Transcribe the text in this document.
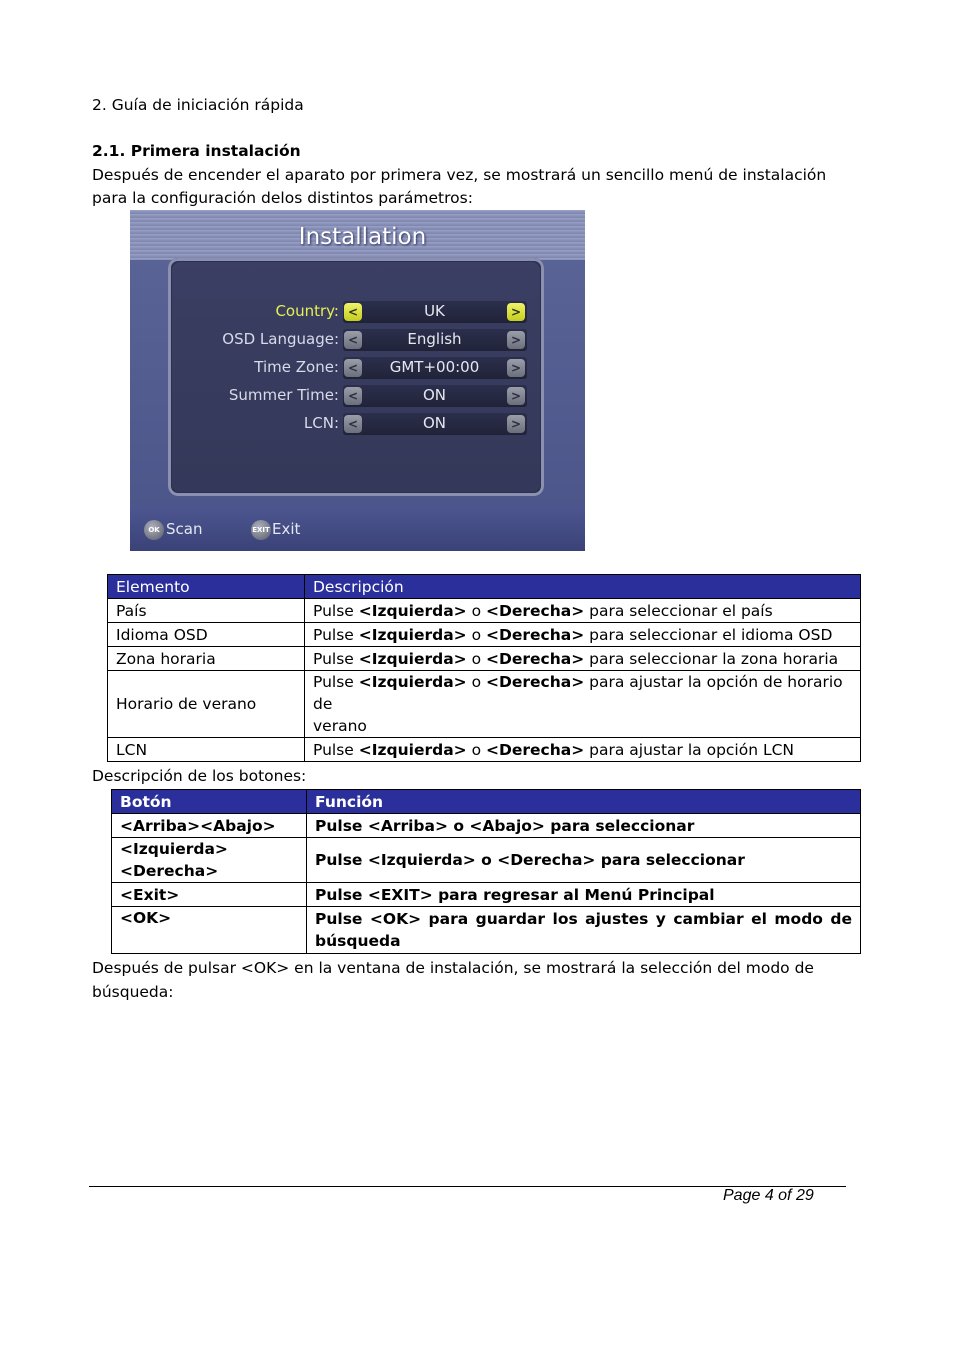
2. Guía de iniciación rápida
2.1. Primera instalación
Después de encender el aparato por primera vez, se mostrará un sencillo menú de instalación
para la configuración delos distintos parámetros:
Installation
Country: <	UK	>
OSD Language: <	English	>
Time Zone: <	GMT+00:00	>
Summer Time: <	ON	>
LCN: <	ON	>
OK Scan	EXIT Exit
Elemento	Descripción
País	Pulse <Izquierda> o <Derecha> para seleccionar el país
Idioma OSD	Pulse <Izquierda> o <Derecha> para seleccionar el idioma OSD
Zona horaria	Pulse <Izquierda> o <Derecha> para seleccionar la zona horaria
Horario de verano	Pulse <Izquierda> o <Derecha> para ajustar la opción de horario de
verano
LCN	Pulse <Izquierda> o <Derecha> para ajustar la opción LCN
Descripción de los botones:
Botón	Función
<Arriba><Abajo>	Pulse <Arriba> o <Abajo> para seleccionar
<Izquierda><Derecha>	Pulse <Izquierda> o <Derecha> para seleccionar
<Exit>	Pulse <EXIT> para regresar al Menú Principal
<OK>	Pulse <OK> para guardar los ajustes y cambiar el modo de búsqueda
Después de pulsar <OK> en la ventana de instalación, se mostrará la selección del modo de
búsqueda:
Page 4 of 29
